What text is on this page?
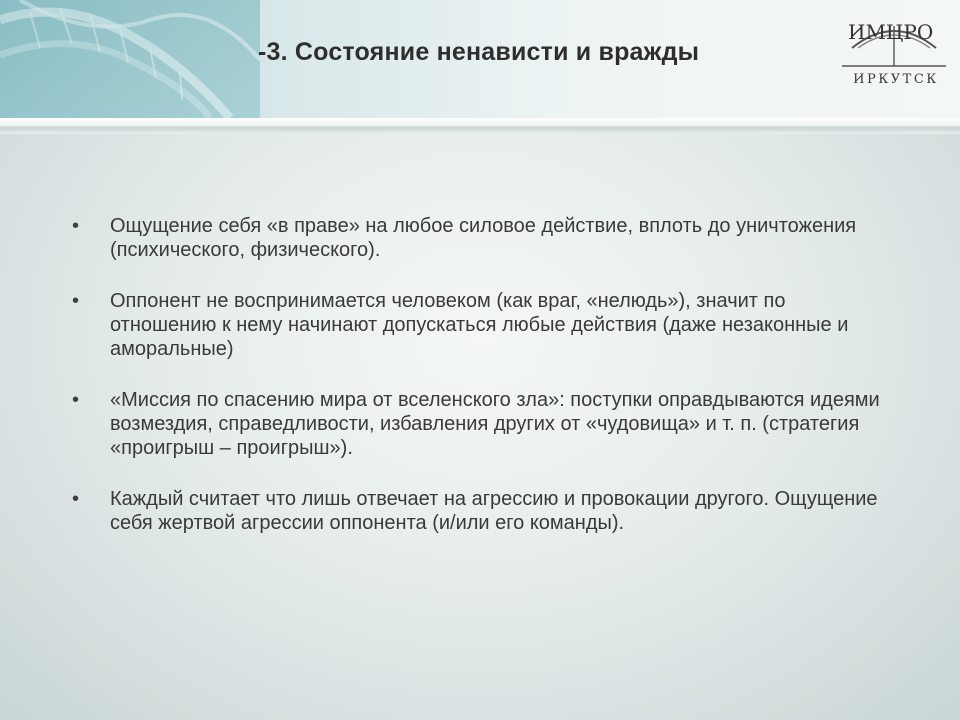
-3. Состояние ненависти и вражды
ИМЦРО
ИРКУТСК
• Ощущение себя «в праве» на любое силовое действие, вплоть до уничтожения (психического, физического).
• Оппонент не воспринимается человеком (как враг, «нелюдь»), значит по отношению к нему начинают допускаться любые действия (даже незаконные и аморальные)
• «Миссия по спасению мира от вселенского зла»: поступки оправдываются идеями возмездия, справедливости, избавления других от «чудовища» и т. п. (стратегия «проигрыш – проигрыш»).
• Каждый считает что лишь отвечает на агрессию и провокации другого. Ощущение себя жертвой агрессии оппонента (и/или его команды).
